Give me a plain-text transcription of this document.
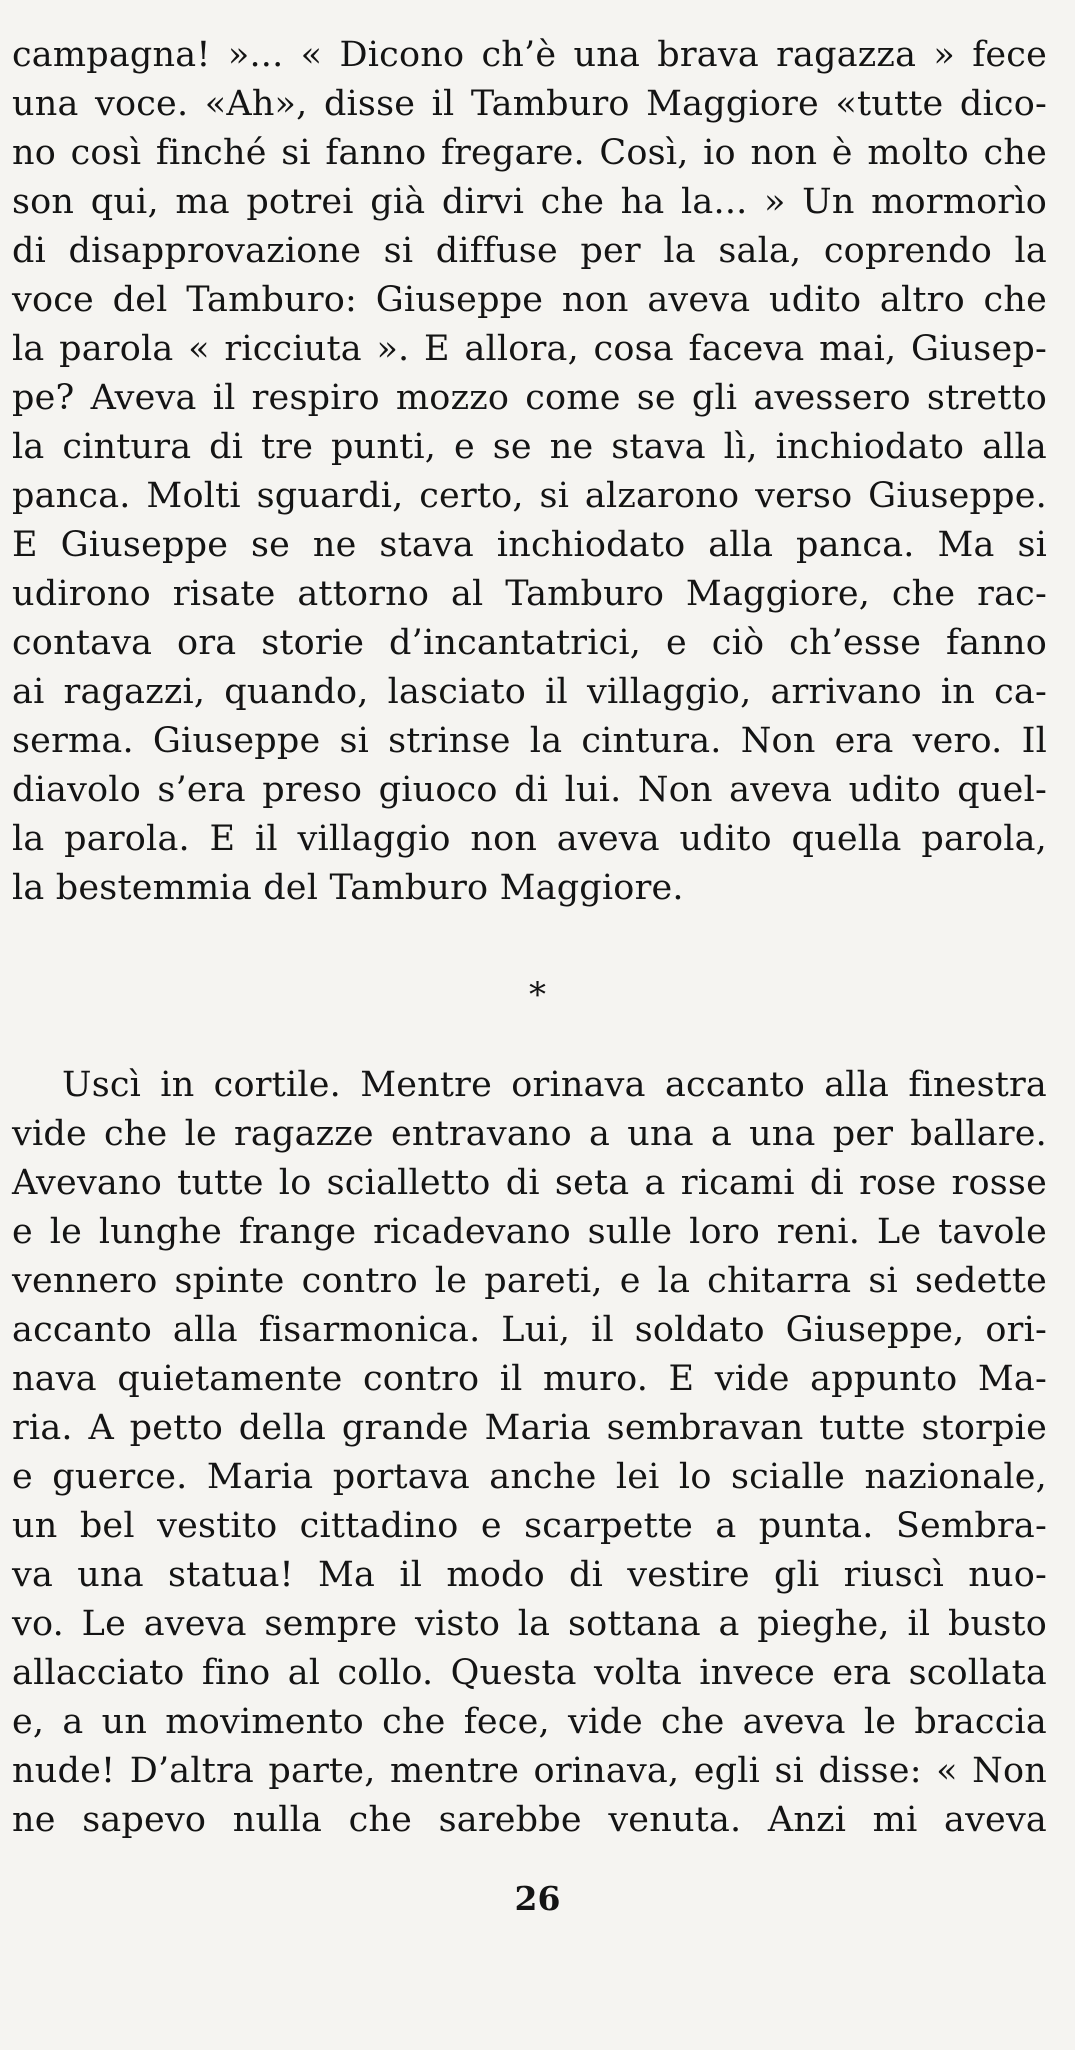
campagna! »... « Dicono ch’è una brava ragazza » fece
una voce. «Ah», disse il Tamburo Maggiore «tutte dico-
no così finché si fanno fregare. Così, io non è molto che
son qui, ma potrei già dirvi che ha la... » Un mormorìo
di disapprovazione si diffuse per la sala, coprendo la
voce del Tamburo: Giuseppe non aveva udito altro che
la parola « ricciuta ». E allora, cosa faceva mai, Giusep-
pe? Aveva il respiro mozzo come se gli avessero stretto
la cintura di tre punti, e se ne stava lì, inchiodato alla
panca. Molti sguardi, certo, si alzarono verso Giuseppe.
E Giuseppe se ne stava inchiodato alla panca. Ma si
udirono risate attorno al Tamburo Maggiore, che rac-
contava ora storie d’incantatrici, e ciò ch’esse fanno
ai ragazzi, quando, lasciato il villaggio, arrivano in ca-
serma. Giuseppe si strinse la cintura. Non era vero. Il
diavolo s’era preso giuoco di lui. Non aveva udito quel-
la parola. E il villaggio non aveva udito quella parola,
la bestemmia del Tamburo Maggiore.
*
Uscì in cortile. Mentre orinava accanto alla finestra
vide che le ragazze entravano a una a una per ballare.
Avevano tutte lo scialletto di seta a ricami di rose rosse
e le lunghe frange ricadevano sulle loro reni. Le tavole
vennero spinte contro le pareti, e la chitarra si sedette
accanto alla fisarmonica. Lui, il soldato Giuseppe, ori-
nava quietamente contro il muro. E vide appunto Ma-
ria. A petto della grande Maria sembravan tutte storpie
e guerce. Maria portava anche lei lo scialle nazionale,
un bel vestito cittadino e scarpette a punta. Sembra-
va una statua! Ma il modo di vestire gli riuscì nuo-
vo. Le aveva sempre visto la sottana a pieghe, il busto
allacciato fino al collo. Questa volta invece era scollata
e, a un movimento che fece, vide che aveva le braccia
nude! D’altra parte, mentre orinava, egli si disse: « Non
ne sapevo nulla che sarebbe venuta. Anzi mi aveva
26
